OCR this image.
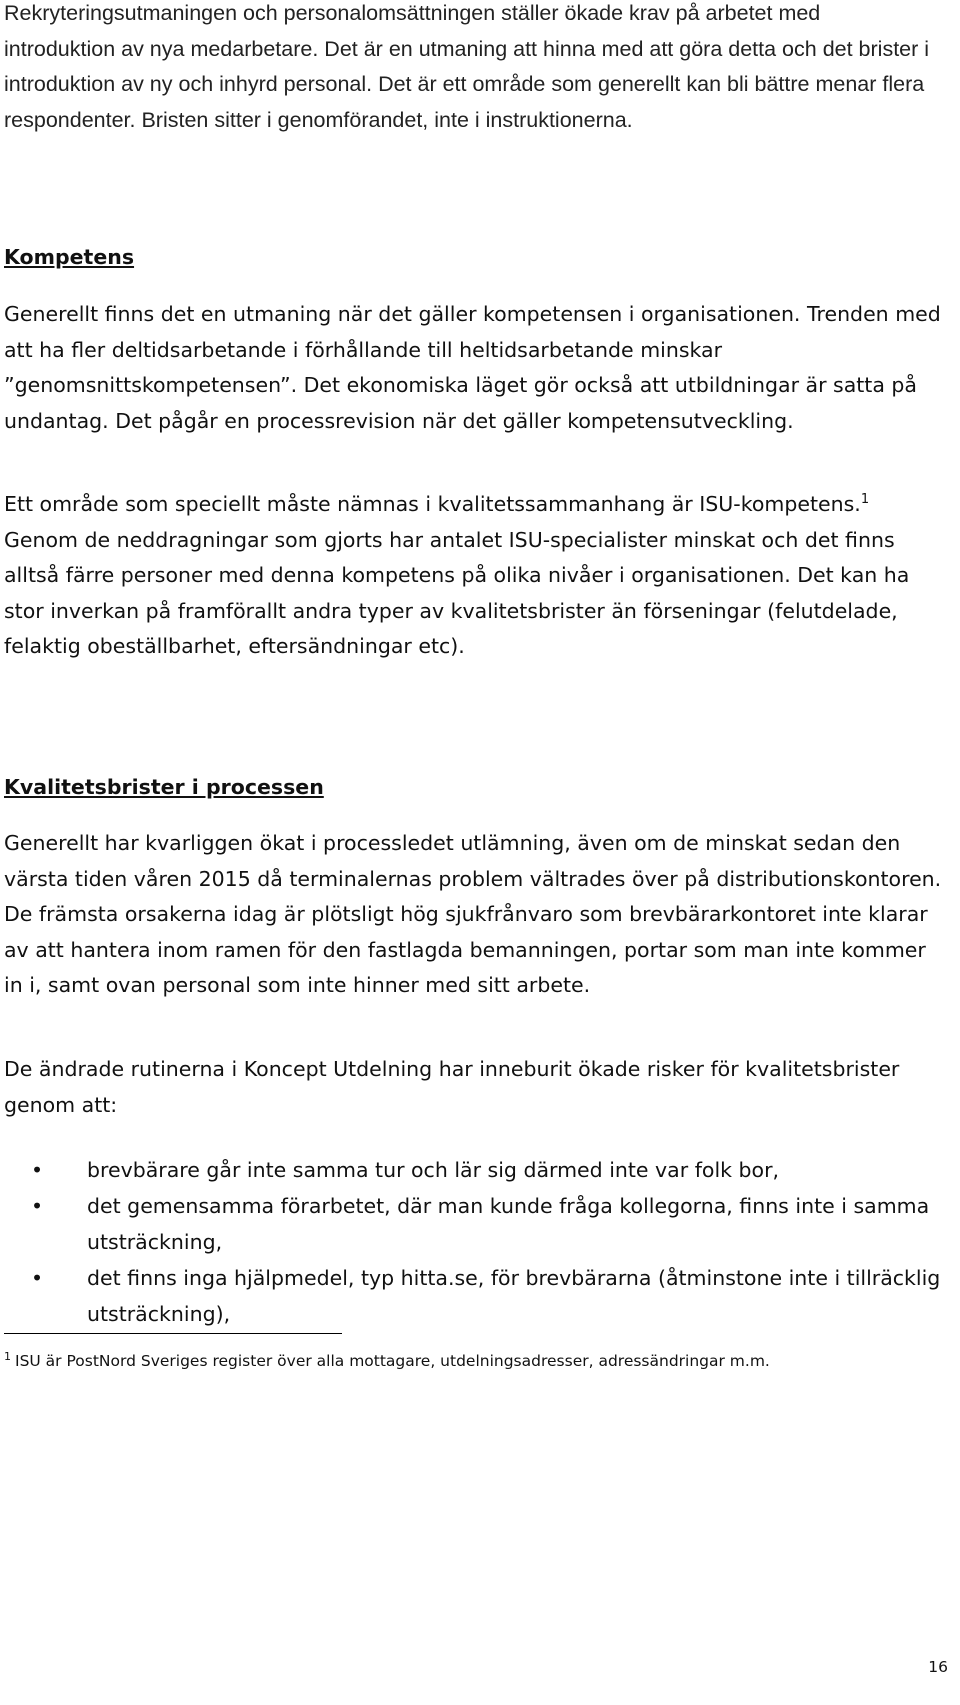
Rekryteringsutmaningen och personalomsättningen ställer ökade krav på arbetet med introduktion av nya medarbetare. Det är en utmaning att hinna med att göra detta och det brister i introduktion av ny och inhyrd personal. Det är ett område som generellt kan bli bättre menar flera respondenter. Bristen sitter i genomförandet, inte i instruktionerna.

Kompetens

Generellt finns det en utmaning när det gäller kompetensen i organisationen. Trenden med att ha fler deltidsarbetande i förhållande till heltidsarbetande minskar ”genomsnittskompetensen”. Det ekonomiska läget gör också att utbildningar är satta på undantag. Det pågår en processrevision när det gäller kompetensutveckling.

Ett område som speciellt måste nämnas i kvalitetssammanhang är ISU-kompetens.$^1$ Genom de neddragningar som gjorts har antalet ISU-specialister minskat och det finns alltså färre personer med denna kompetens på olika nivåer i organisationen. Det kan ha stor inverkan på framförallt andra typer av kvalitetsbrister än förseningar (felutdelade, felaktig obeställbarhet, eftersändningar etc).

Kvalitetsbrister i processen

Generellt har kvarliggen ökat i processledet utlämning, även om de minskat sedan den värsta tiden våren 2015 då terminalernas problem vältrades över på distributionskontoren. De främsta orsakerna idag är plötsligt hög sjukfrånvaro som brevbärarkontoret inte klarar av att hantera inom ramen för den fastlagda bemanningen, portar som man inte kommer in i, samt ovan personal som inte hinner med sitt arbete.

De ändrade rutinerna i Koncept Utdelning har inneburit ökade risker för kvalitetsbrister genom att:

• brevbärare går inte samma tur och lär sig därmed inte var folk bor,
• det gemensamma förarbetet, där man kunde fråga kollegorna, finns inte i samma utsträckning,
• det finns inga hjälpmedel, typ hitta.se, för brevbärarna (åtminstone inte i tillräcklig utsträckning),

$^1$ ISU är PostNord Sveriges register över alla mottagare, utdelningsadresser, adressändringar m.m.

16
